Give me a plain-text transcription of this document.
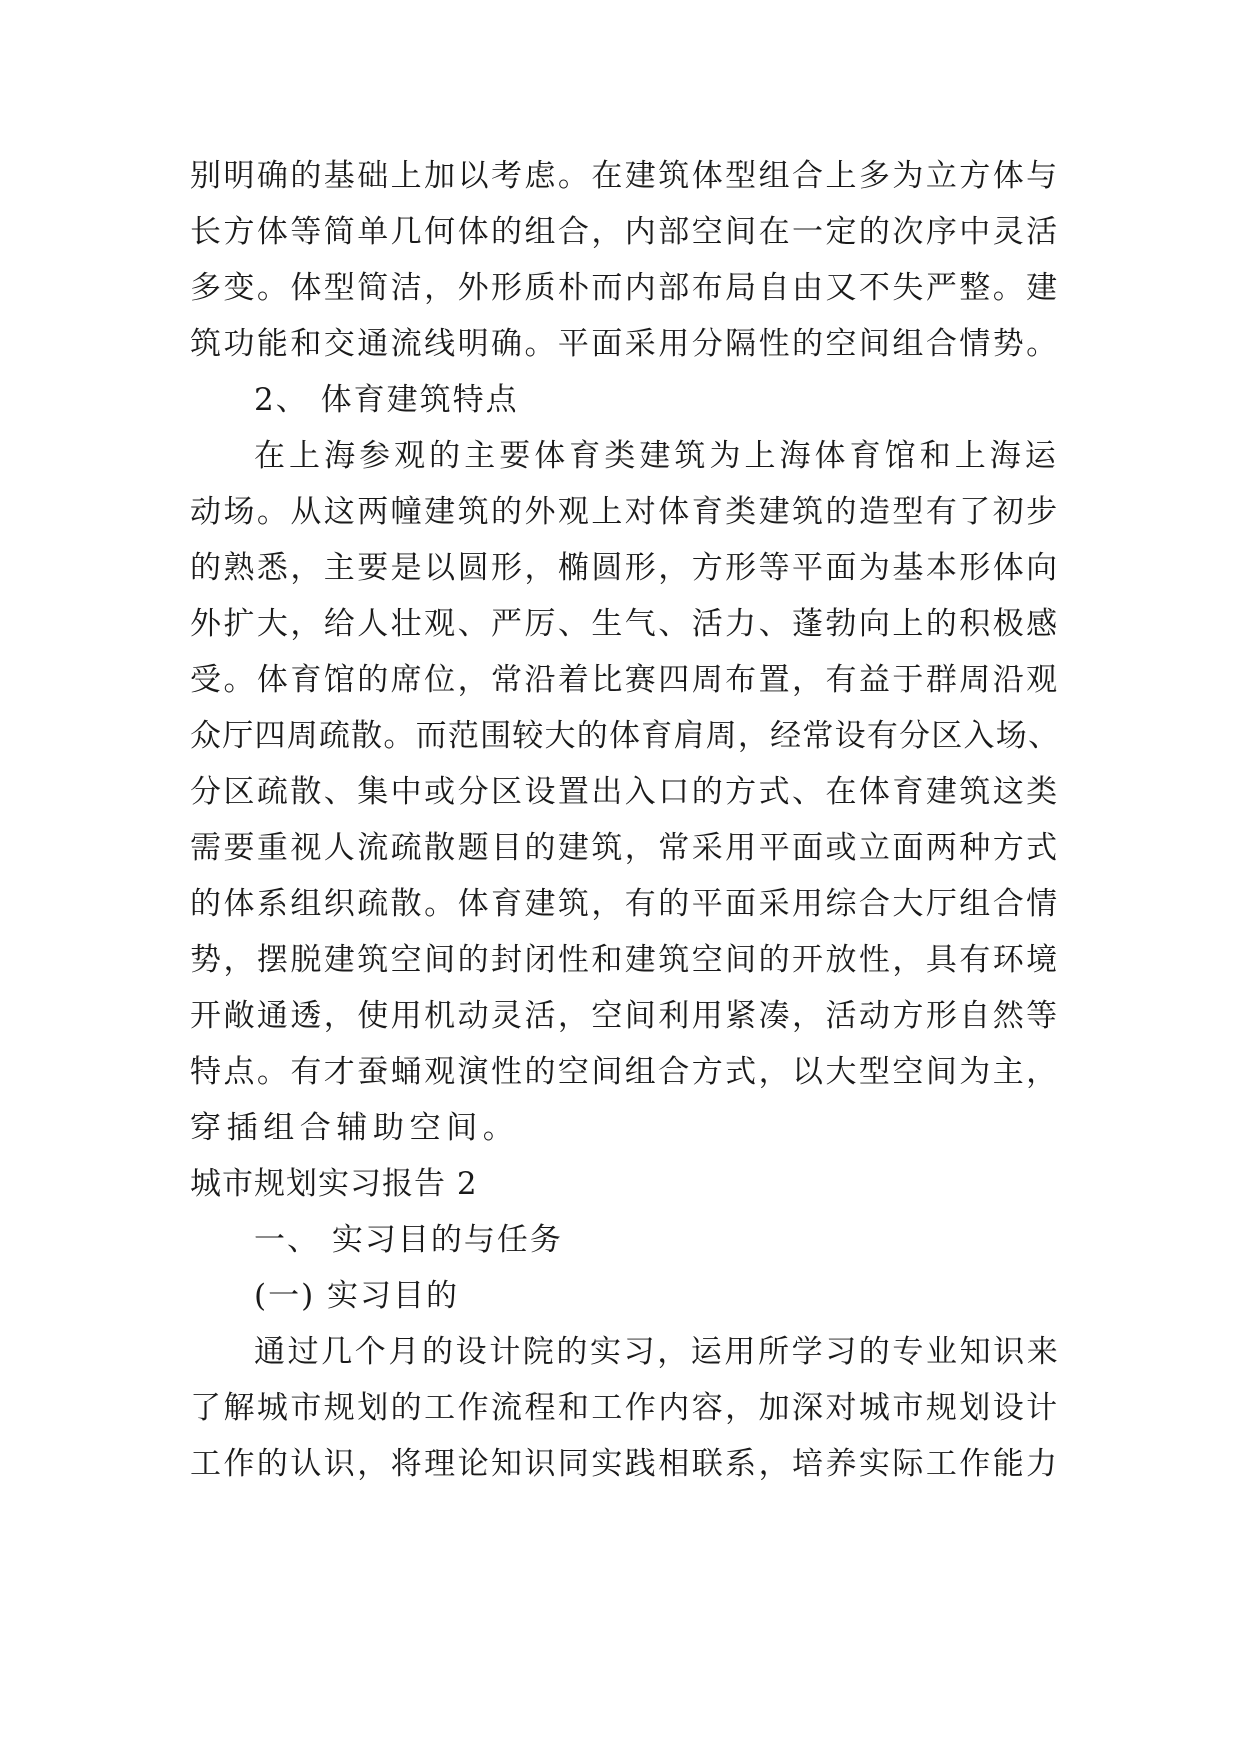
别明确的基础上加以考虑。在建筑体型组合上多为立方体与
长方体等简单几何体的组合，内部空间在一定的次序中灵活
多变。体型简洁，外形质朴而内部布局自由又不失严整。建
筑功能和交通流线明确。平面采用分隔性的空间组合情势。
2、 体育建筑特点
在上海参观的主要体育类建筑为上海体育馆和上海运
动场。从这两幢建筑的外观上对体育类建筑的造型有了初步
的熟悉，主要是以圆形，椭圆形，方形等平面为基本形体向
外扩大，给人壮观、严厉、生气、活力、蓬勃向上的积极感
受。体育馆的席位，常沿着比赛四周布置，有益于群周沿观
众厅四周疏散。而范围较大的体育肩周，经常设有分区入场、
分区疏散、集中或分区设置出入口的方式、在体育建筑这类
需要重视人流疏散题目的建筑，常采用平面或立面两种方式
的体系组织疏散。体育建筑，有的平面采用综合大厅组合情
势，摆脱建筑空间的封闭性和建筑空间的开放性，具有环境
开敞通透，使用机动灵活，空间利用紧凑，活动方形自然等
特点。有才蚕蛹观演性的空间组合方式，以大型空间为主，
穿插组合辅助空间。
城市规划实习报告 2
一、 实习目的与任务
(一) 实习目的
通过几个月的设计院的实习，运用所学习的专业知识来
了解城市规划的工作流程和工作内容，加深对城市规划设计
工作的认识，将理论知识同实践相联系，培养实际工作能力
